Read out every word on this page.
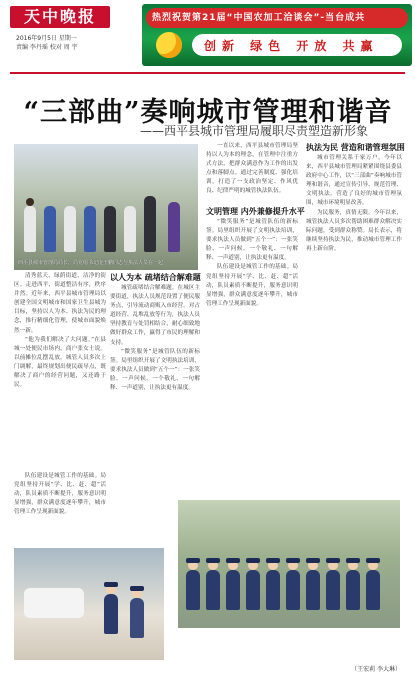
天中晚报
2016年9月5日 星期一
责编 李丹瑶 校对 周 宇
热烈祝贺第21届“中国农加工洽谈会”-当台成共
创新 绿色 开放 共赢
“三部曲”奏响城市管理和谐音
——西平县城市管理局履职尽责塑造新形象
西平县城市管理局局长、局党组书记庞玉鹏同志与执法人员在一起

清秀蓝天、绿荫街道、洁净的街区。走进西平，街道整洁有序，秩序井然。近年来，西平县城市管理局以创建全国文明城市和国家卫生县城为目标，坚持以人为本、执法为民的理念，推行精细化管理，使城市面貌焕然一新。

“他为我们解决了大问题。”在县城一处便民市场内，商户张女士说。以前摊位乱摆乱放，城管人员多次上门调解，最终规划出便民疏导点，既解决了商户的经营问题，又还路于民。

以人为本 疏堵结合解难题

城管疏堵结合解难题。在城区主要街道，执法人员规范设置了便民服务点，引导流动商贩入市经营。对占道经营、乱堆乱放等行为，执法人员坚持教育与处罚相结合，耐心细致地做好群众工作，赢得了市民的理解和支持。

“微笑服务”是城管队伍的新标签。局里组织开展了文明执法培训，要求执法人员做到“五个一”：一张笑脸、一声问候、一个敬礼、一句解释、一声道别，让执法更有温度。

队伍建设是城管工作的基础。局党组坚持开展“学、比、赶、超”活动，队员素质不断提升，服务意识明显增强，群众满意度逐年攀升，城市管理工作呈现新面貌。

一直以来，西平县城市管理局坚持以人为本的理念，在管理中注重方式方法，把群众满意作为工作的出发点和落脚点。通过完善制度、强化培训，打造了一支政治坚定、作风优良、纪律严明的城管执法队伍。

文明管理 内外兼修提升水平

“微笑服务”是城管队伍的新标签。局里组织开展了文明执法培训，要求执法人员做到“五个一”：一张笑脸、一声问候、一个敬礼、一句解释、一声道别，让执法更有温度。

队伍建设是城管工作的基础。局党组坚持开展“学、比、赶、超”活动，队员素质不断提升，服务意识明显增强，群众满意度逐年攀升，城市管理工作呈现新面貌。

执法为民 营造和谐管理氛围

城市管理关系千家万户。今年以来，西平县城市管理局紧紧围绕县委县政府中心工作，以“三部曲”奏响城市管理和谐音，通过宣传引导、规范管理、文明执法，营造了良好的城市管理氛围，城市环境明显改善。

为民服务，真情无限。今年以来，城管执法人员多次帮助困难群众解决实际问题，受到群众称赞。局长表示，将继续坚持执法为民，推动城市管理工作再上新台阶。

（王宏莉 李大琳）
